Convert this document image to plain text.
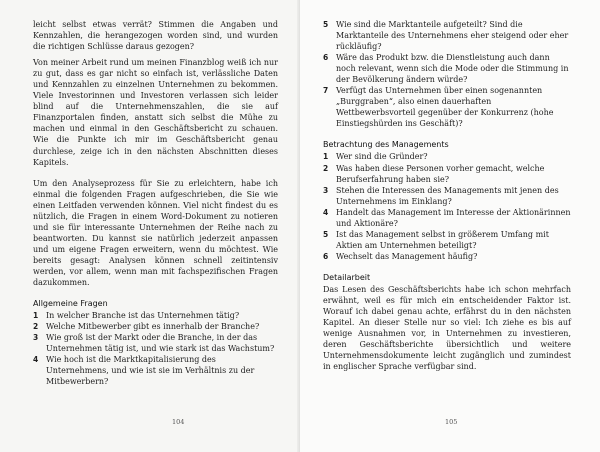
leicht selbst etwas verrät? Stimmen die Angaben und Kennzahlen, die herangezogen worden sind, und wurden die richtigen Schlüsse daraus gezogen?

Von meiner Arbeit rund um meinen Finanzblog weiß ich nur zu gut, dass es gar nicht so einfach ist, verlässliche Daten und Kennzahlen zu einzelnen Unternehmen zu bekommen. Viele Investorinnen und Investoren verlassen sich leider blind auf die Unternehmenszahlen, die sie auf Finanzportalen finden, anstatt sich selbst die Mühe zu machen und einmal in den Geschäftsbericht zu schauen. Wie die Punkte ich mir im Geschäftsbericht genau durchlese, zeige ich in den nächsten Abschnitten dieses Kapitels.

Um den Analyseprozess für Sie zu erleichtern, habe ich einmal die folgenden Fragen aufgeschrieben, die Sie wie einen Leitfaden verwenden können. Viel nicht findest du es nützlich, die Fragen in einem Word-Dokument zu notieren und sie für interessante Unternehmen der Reihe nach zu beantworten. Du kannst sie natürlich jederzeit anpassen und um eigene Fragen erweitern, wenn du möchtest. Wie bereits gesagt: Analysen können schnell zeitintensiv werden, vor allem, wenn man mit fachspezifischen Fragen dazukommen.

Allgemeine Fragen

1 In welcher Branche ist das Unternehmen tätig?
2 Welche Mitbewerber gibt es innerhalb der Branche?
3 Wie groß ist der Markt oder die Branche, in der das Unternehmen tätig ist, und wie stark ist das Wachstum?
4 Wie hoch ist die Marktkapitalisierung des Unternehmens, und wie ist sie im Verhältnis zu der Mitbewerbern?
104
5 Wie sind die Marktanteile aufgeteilt? Sind die Marktanteile des Unternehmens eher steigend oder eher rückläufig?
6 Wäre das Produkt bzw. die Dienstleistung auch dann noch relevant, wenn sich die Mode oder die Stimmung in der Bevölkerung ändern würde?
7 Verfügt das Unternehmen über einen sogenannten „Burggraben“, also einen dauerhaften Wettbewerbsvorteil gegenüber der Konkurrenz (hohe Einstiegshürden ins Geschäft)?

Betrachtung des Managements

1 Wer sind die Gründer?
2 Was haben diese Personen vorher gemacht, welche Berufserfahrung haben sie?
3 Stehen die Interessen des Managements mit jenen des Unternehmens im Einklang?
4 Handelt das Management im Interesse der Aktionärinnen und Aktionäre?
5 Ist das Management selbst in größerem Umfang mit Aktien am Unternehmen beteiligt?
6 Wechselt das Management häufig?

Detailarbeit

Das Lesen des Geschäftsberichts habe ich schon mehrfach erwähnt, weil es für mich ein entscheidender Faktor ist. Worauf ich dabei genau achte, erfährst du in den nächsten Kapitel. An dieser Stelle nur so viel: Ich ziehe es bis auf wenige Ausnahmen vor, in Unternehmen zu investieren, deren Geschäftsberichte übersichtlich und weitere Unternehmensdokumente leicht zugänglich und zumindest in englischer Sprache verfügbar sind.

105
